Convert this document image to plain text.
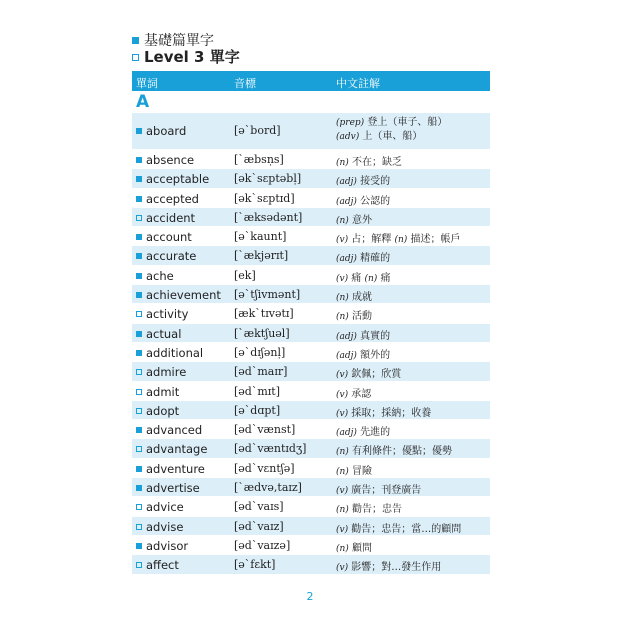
基礎篇單字
Level 3 單字
單詞	音標	中文註解
A
aboard	[əˋbord]
(prep) 登上（車子、船）
(adv) 上（車、船）
absence	[ˋæbsṇs]	(n) 不在；缺乏
acceptable [əkˋsɛptəbḷ]	(adj) 接受的
accepted	[əkˋsɛptɪd]	(adj) 公認的
accident	[ˋæksədənt]	(n) 意外
account	[əˋkaunt]	(v) 占；解釋 (n) 描述；帳戶
accurate	[ˋækjərɪt]	(adj) 精確的
ache	[ek]	(v) 痛 (n) 痛
achievement [əˋtʃivmənt]	(n) 成就
activity	[ækˋtɪvətɪ]	(n) 活動
actual	[ˋæktʃuəl]	(adj) 真實的
additional	[əˋdɪʃənḷ]	(adj) 額外的
admire	[ədˋmaɪr]	(v) 欽佩；欣賞
admit	[ədˋmɪt]	(v) 承認
adopt	[əˋdɑpt]	(v) 採取；採納；收養
advanced	[ədˋvænst]	(adj) 先進的
advantage [ədˋvæntɪdʒ]	(n) 有利條件；優點；優勢
adventure	[ədˋvɛntʃə]	(n) 冒險
advertise	[ˋædvə,taɪz]	(v) 廣告；刊登廣告
advice	[ədˋvaɪs]	(n) 勸告；忠告
advise	[ədˋvaɪz]	(v) 勸告；忠告；當…的顧問
advisor	[ədˋvaɪzə]	(n) 顧問
affect	[əˋfɛkt]	(v) 影響；對…發生作用
2
